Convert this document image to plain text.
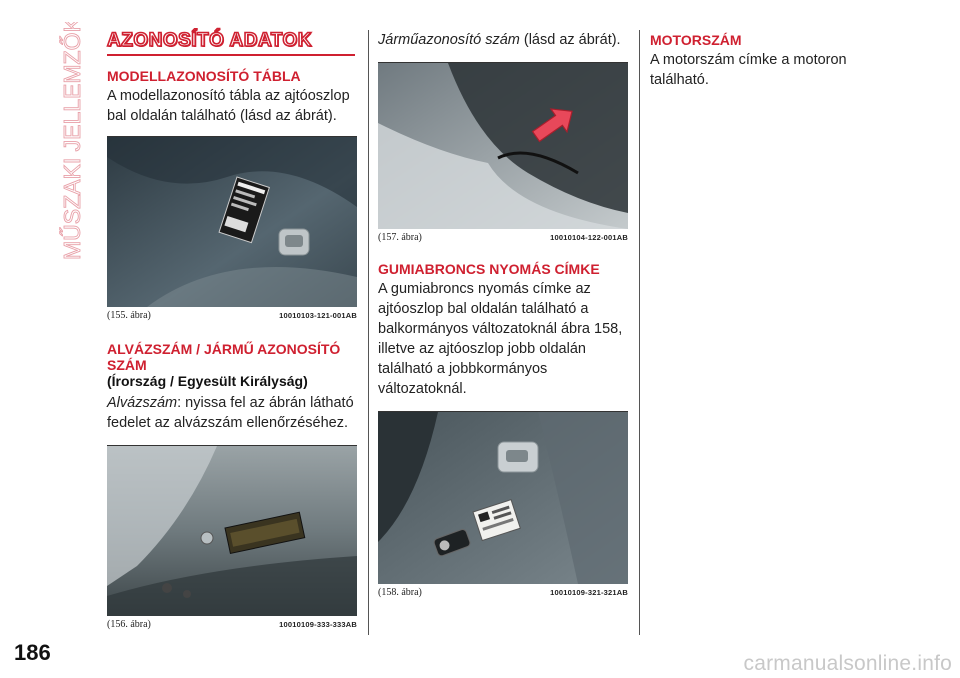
MŰSZAKI JELLEMZŐK AZONOSÍTÓ ADATOK

MODELLAZONOSÍTÓ TÁBLA

A modellazonosító tábla az ajtóoszlop bal oldalán található (lásd az ábrát).

(155. ábra)	10010103-121-001AB

ALVÁZSZÁM / JÁRMŰ AZONOSÍTÓ SZÁM

(Írország / Egyesült Királyság)

Alvázszám: nyissa fel az ábrán látható fedelet az alvázszám ellenőrzéséhez.

(156. ábra)	10010109-333-333AB

Járműazonosító szám (lásd az ábrát).

(157. ábra)	10010104-122-001AB

GUMIABRONCS NYOMÁS CÍMKE

A gumiabroncs nyomás címke az ajtóoszlop bal oldalán található a balkormányos változatoknál ábra 158, illetve az ajtóoszlop jobb oldalán található a jobbkormányos változatoknál.

(158. ábra)	10010109-321-321AB

MOTORSZÁM

A motorszám címke a motoron található.

186	carmanualsonline.info
